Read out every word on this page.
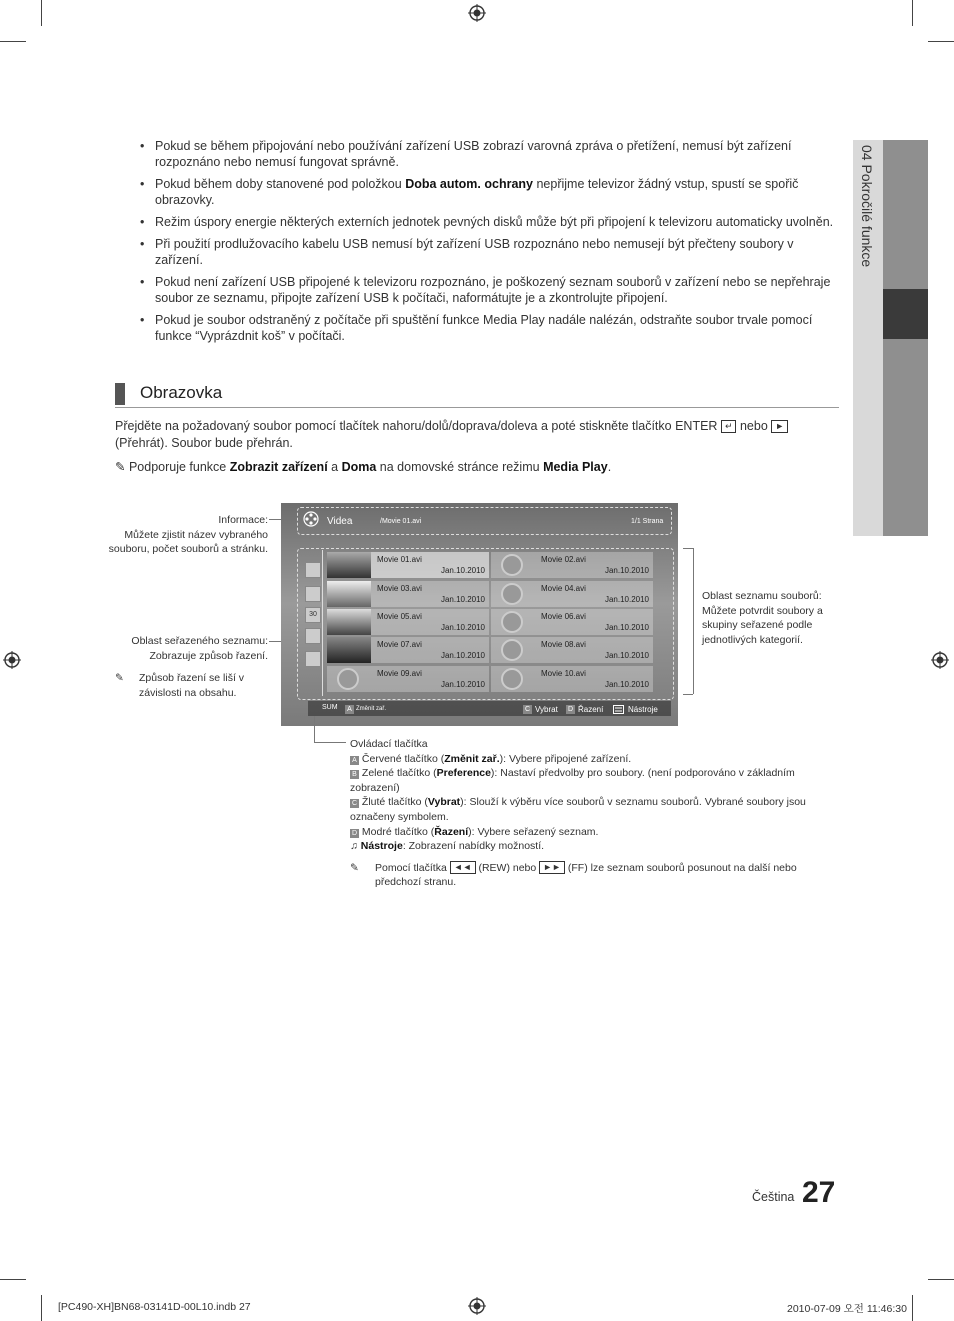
04 Pokročilé funkce
• Pokud se během připojování nebo používání zařízení USB zobrazí varovná zpráva o přetížení, nemusí být zařízení rozpoznáno nebo nemusí fungovat správně.
• Pokud během doby stanovené pod položkou Doba autom. ochrany nepřijme televizor žádný vstup, spustí se spořič obrazovky.
• Režim úspory energie některých externích jednotek pevných disků může být při připojení k televizoru automaticky uvolněn.
• Při použití prodlužovacího kabelu USB nemusí být zařízení USB rozpoznáno nebo nemusejí být přečteny soubory v zařízení.
• Pokud není zařízení USB připojené k televizoru rozpoznáno, je poškozený seznam souborů v zařízení nebo se nepřehraje soubor ze seznamu, připojte zařízení USB k počítači, naformátujte je a zkontrolujte připojení.
• Pokud je soubor odstraněný z počítače při spuštění funkce Media Play nadále nalézán, odstraňte soubor trvale pomocí funkce “Vyprázdnit koš” v počítači.
Obrazovka
Přejděte na požadovaný soubor pomocí tlačítek nahoru/dolů/doprava/doleva a poté stiskněte tlačítko ENTER ↵ nebo ►
(Přehrát). Soubor bude přehrán.
✎ Podporuje funkce Zobrazit zařízení a Doma na domovské stránce režimu Media Play.
Informace:
Můžete zjistit název vybraného souboru, počet souborů a stránku.
Oblast seřazeného seznamu:
Zobrazuje způsob řazení.
✎ Způsob řazení se liší v závislosti na obsahu.
Oblast seznamu souborů:
Můžete potvrdit soubory a skupiny seřazené podle jednotlivých kategorií.
Videa	/Movie 01.avi	1/1 Strana
30
Movie 01.avi
Jan.10.2010
Movie 02.avi
Jan.10.2010
Movie 03.avi
Jan.10.2010
Movie 04.avi
Jan.10.2010
Movie 05.avi
Jan.10.2010
Movie 06.avi
Jan.10.2010
Movie 07.avi
Jan.10.2010
Movie 08.avi
Jan.10.2010
Movie 09.avi
Jan.10.2010
Movie 10.avi
Jan.10.2010
SUM	A Změnit zař.	C Vybrat D Řazení	Nástroje
Ovládací tlačítka
A Červené tlačítko (Změnit zař.): Vybere připojené zařízení.
B Zelené tlačítko (Preference): Nastaví předvolby pro soubory. (není podporováno v základním zobrazení)
C Žluté tlačítko (Vybrat): Slouží k výběru více souborů v seznamu souborů. Vybrané soubory jsou označeny symbolem.
D Modré tlačítko (Řazení): Vybere seřazený seznam.
♫ Nástroje: Zobrazení nabídky možností.
✎ Pomocí tlačítka ◄◄ (REW) nebo ►► (FF) lze seznam souborů posunout na další nebo předchozí stranu.
Čeština 27
[PC490-XH]BN68-03141D-00L10.indb 27	2010-07-09 오전 11:46:30
